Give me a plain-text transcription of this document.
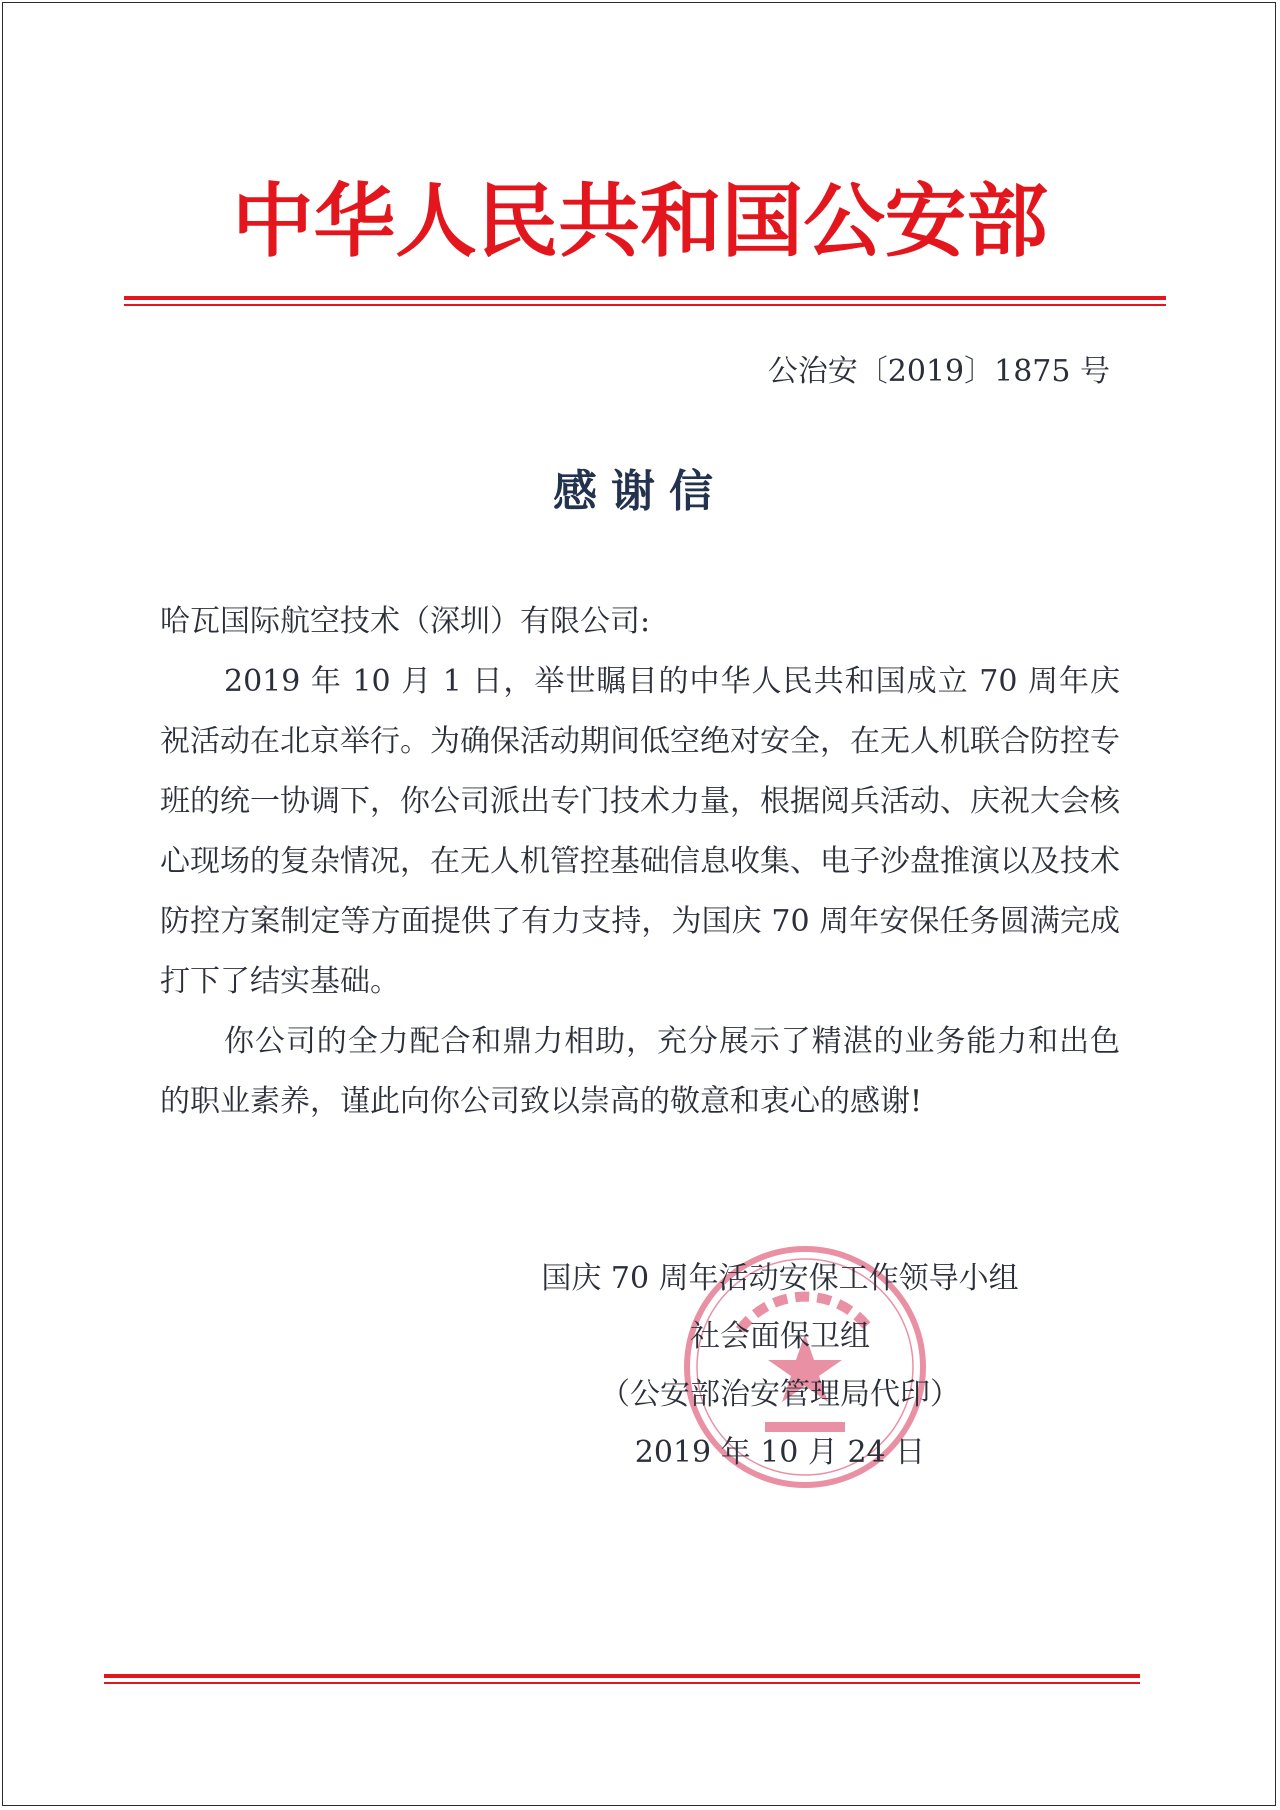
中华人民共和国公安部
公治安〔2019〕1875 号
感谢信

哈瓦国际航空技术（深圳）有限公司:

2019 年 10 月 1 日，举世瞩目的中华人民共和国成立 70 周年庆祝活动在北京举行。为确保活动期间低空绝对安全，在无人机联合防控专班的统一协调下，你公司派出专门技术力量，根据阅兵活动、庆祝大会核心现场的复杂情况，在无人机管控基础信息收集、电子沙盘推演以及技术防控方案制定等方面提供了有力支持，为国庆 70 周年安保任务圆满完成打下了结实基础。

你公司的全力配合和鼎力相助，充分展示了精湛的业务能力和出色的职业素养，谨此向你公司致以崇高的敬意和衷心的感谢!

国庆 70 周年活动安保工作领导小组
社会面保卫组
（公安部治安管理局代印）
2019 年 10 月 24 日
